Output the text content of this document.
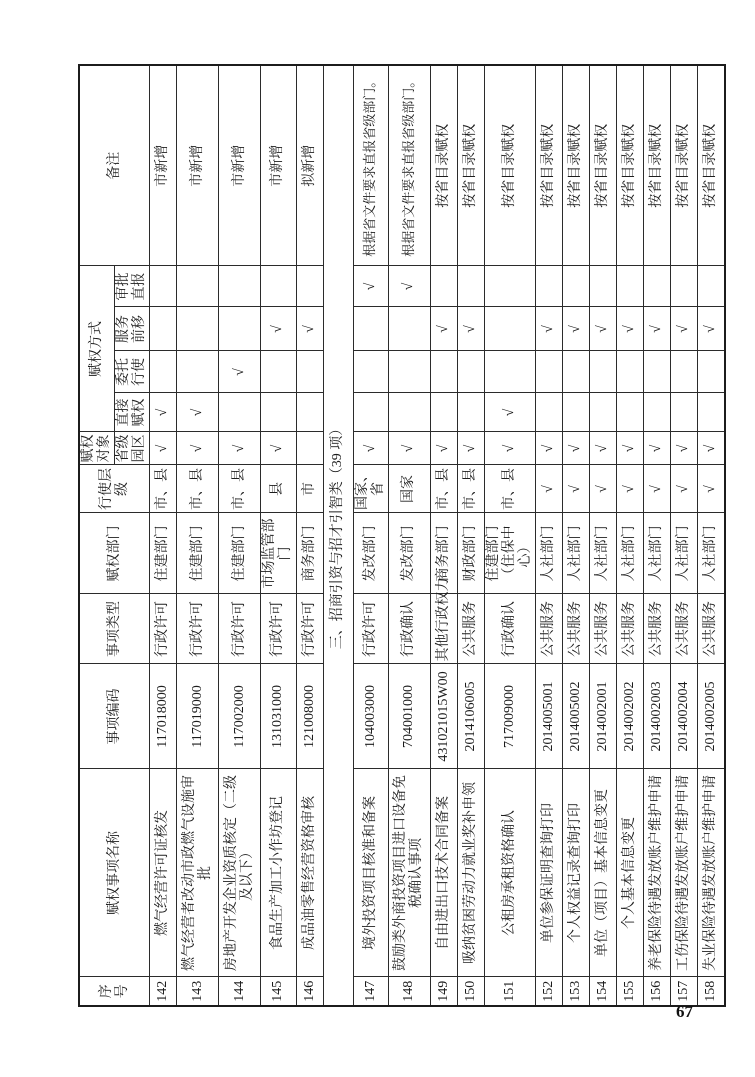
序号	赋权事项名称	事项编码	事项类型	赋权部门	行使层级	赋权对象	赋权方式				备注
						省级园区	直接赋权	委托行使	服务前移	审批直报	
142	燃气经营许可证核发	117018000	行政许可	住建部门	市、县	√	√				市新增
143	燃气经营者改动市政燃气设施审批	117019000	行政许可	住建部门	市、县	√	√				市新增
144	房地产开发企业资质核定（二级及以下）	117002000	行政许可	住建部门	市、县	√		√			市新增
145	食品生产加工小作坊登记	131031000	行政许可	市场监管部门	县	√			√		市新增
146	成品油零售经营资格审核	121008000	行政许可	商务部门	市				√		拟新增
三、招商引资与招才引智类（39 项）											
147	境外投资项目核准和备案	104003000	行政许可	发改部门	国家、省	√				√	根据省文件要求直报省级部门。
148	鼓励类外商投资项目进口设备免税确认事项	704001000	行政确认	发改部门	国家	√				√	根据省文件要求直报省级部门。
149	自由进出口技术合同备案	431021015W00	其他行政权力	商务部门	市、县	√			√		按省目录赋权
150	吸纳贫困劳动力就业奖补申领	2014106005	公共服务	财政部门	市、县	√			√		按省目录赋权
151	公租房承租资格确认	717009000	行政确认	住建部门（住保中心）	市、县	√	√				按省目录赋权
152	单位参保证明查询打印	2014005001	公共服务	人社部门	√	√			√		按省目录赋权
153	个人权益记录查询打印	2014005002	公共服务	人社部门	√	√			√		按省目录赋权
154	单位（项目）基本信息变更	2014002001	公共服务	人社部门	√	√			√		按省目录赋权
155	个人基本信息变更	2014002002	公共服务	人社部门	√	√			√		按省目录赋权
156	养老保险待遇发放账户维护申请	2014002003	公共服务	人社部门	√	√			√		按省目录赋权
157	工伤保险待遇发放账户维护申请	2014002004	公共服务	人社部门	√	√			√		按省目录赋权
158	失业保险待遇发放账户维护申请	2014002005	公共服务	人社部门	√	√			√		按省目录赋权
67
